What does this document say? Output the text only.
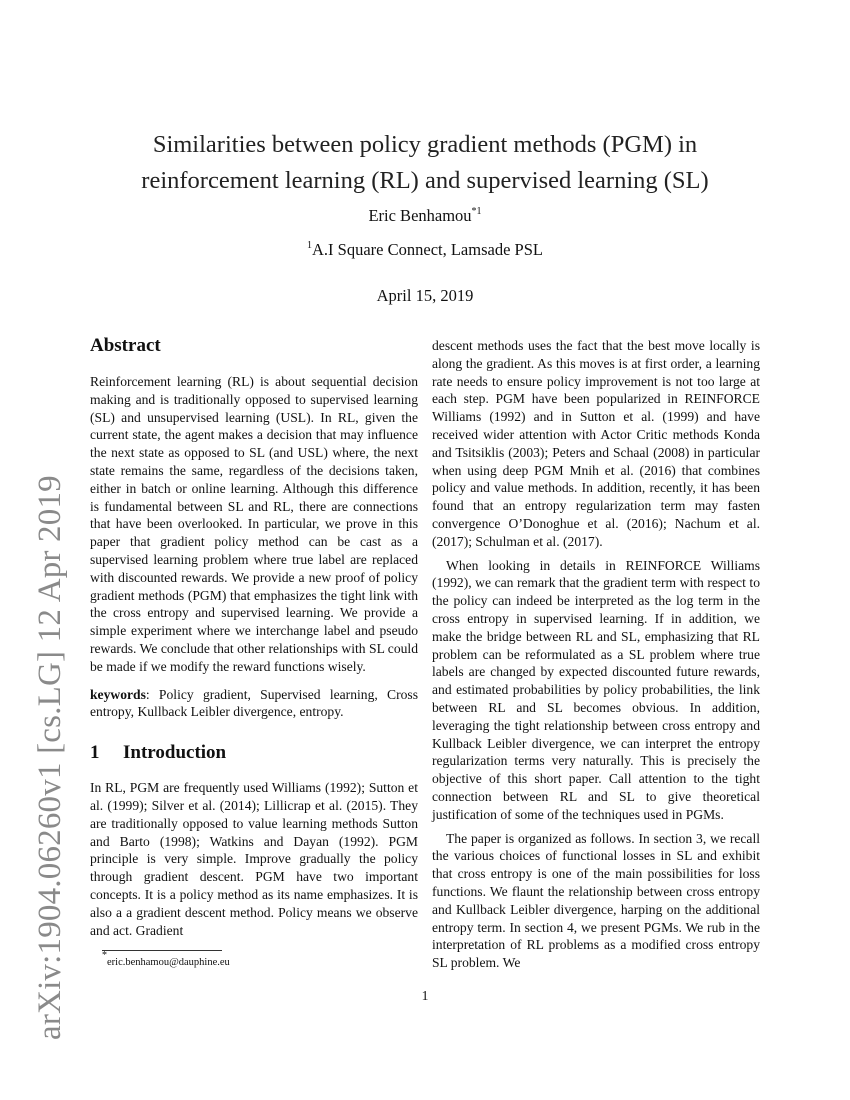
arXiv:1904.06260v1 [cs.LG] 12 Apr 2019
Similarities between policy gradient methods (PGM) in
reinforcement learning (RL) and supervised learning (SL)
Eric Benhamou$^{*1}$
$^1$A.I Square Connect, Lamsade PSL
April 15, 2019
Abstract

Reinforcement learning (RL) is about sequential decision making and is traditionally opposed to supervised learning (SL) and unsupervised learning (USL). In RL, given the current state, the agent makes a decision that may influence the next state as opposed to SL (and USL) where, the next state remains the same, regardless of the decisions taken, either in batch or online learning. Although this difference is fundamental between SL and RL, there are connections that have been overlooked. In particular, we prove in this paper that gradient policy method can be cast as a supervised learning problem where true label are replaced with discounted rewards. We provide a new proof of policy gradient methods (PGM) that emphasizes the tight link with the cross entropy and supervised learning. We provide a simple experiment where we interchange label and pseudo rewards. We conclude that other relationships with SL could be made if we modify the reward functions wisely.

keywords: Policy gradient, Supervised learning, Cross entropy, Kullback Leibler divergence, entropy.

1 Introduction

In RL, PGM are frequently used Williams (1992); Sutton et al. (1999); Silver et al. (2014); Lillicrap et al. (2015). They are traditionally opposed to value learning methods Sutton and Barto (1998); Watkins and Dayan (1992). PGM principle is very simple. Improve gradually the policy through gradient descent. PGM have two important concepts. It is a policy method as its name emphasizes. It is also a a gradient descent method. Policy means we observe and act. Gradient

*eric.benhamou@dauphine.eu

descent methods uses the fact that the best move locally is along the gradient. As this moves is at first order, a learning rate needs to ensure policy improvement is not too large at each step. PGM have been popularized in REINFORCE Williams (1992) and in Sutton et al. (1999) and have received wider attention with Actor Critic methods Konda and Tsitsiklis (2003); Peters and Schaal (2008) in particular when using deep PGM Mnih et al. (2016) that combines policy and value methods. In addition, recently, it has been found that an entropy regularization term may fasten convergence O’Donoghue et al. (2016); Nachum et al. (2017); Schulman et al. (2017).

When looking in details in REINFORCE Williams (1992), we can remark that the gradient term with respect to the policy can indeed be interpreted as the log term in the cross entropy in supervised learning. If in addition, we make the bridge between RL and SL, emphasizing that RL problem can be reformulated as a SL problem where true labels are changed by expected discounted future rewards, and estimated probabilities by policy probabilities, the link between RL and SL becomes obvious. In addition, leveraging the tight relationship between cross entropy and Kullback Leibler divergence, we can interpret the entropy regularization terms very naturally. This is precisely the objective of this short paper. Call attention to the tight connection between RL and SL to give theoretical justification of some of the techniques used in PGMs.

The paper is organized as follows. In section 3, we recall the various choices of functional losses in SL and exhibit that cross entropy is one of the main possibilities for loss functions. We flaunt the relationship between cross entropy and Kullback Leibler divergence, harping on the additional entropy term. In section 4, we present PGMs. We rub in the interpretation of RL problems as a modified cross entropy SL problem. We

1
